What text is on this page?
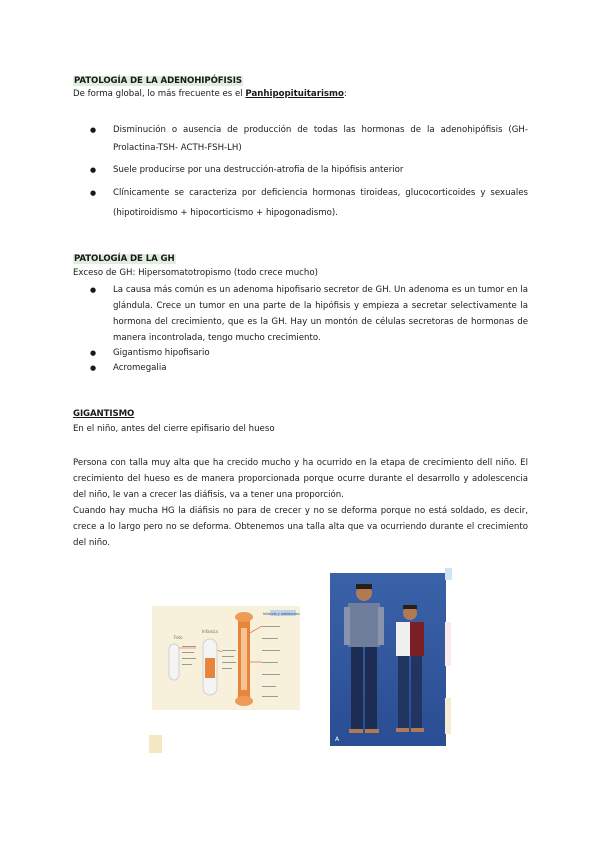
PATOLOGÍA DE LA ADENOHIPÓFISIS
De forma global, lo más frecuente es el Panhipopituitarismo:
● Disminución o ausencia de producción de todas las hormonas de la adenohipófisis (GH-Prolactina-TSH- ACTH-FSH-LH)
● Suele producirse por una destrucción-atrofia de la hipófisis anterior
● Clínicamente se caracteriza por deficiencia hormonas tiroideas, glucocorticoides y sexuales (hipotiroidismo + hipocorticismo + hipogonadismo).
PATOLOGÍA DE LA GH
Exceso de GH: Hipersomatotropismo (todo crece mucho)
● La causa más común es un adenoma hipofisario secretor de GH. Un adenoma es un tumor en la glándula. Crece un tumor en una parte de la hipófisis y empieza a secretar selectivamente la hormona del crecimiento, que es la GH. Hay un montón de células secretoras de hormonas de manera incontrolada, tengo mucho crecimiento.
● Gigantismo hipofisario
● Acromegalia
GIGANTISMO
En el niño, antes del cierre epifisario del hueso
Persona con talla muy alta que ha crecido mucho y ha ocurrido en la etapa de crecimiento dell niño. El crecimiento del hueso es de manera proporcionada porque ocurre durante el desarrollo y adolescencia del niño, le van a crecer las diáfisis, va a tener una proporción.
Cuando hay mucha HG la diáfisis no para de crecer y no se deforma porque no está soldado, es decir, crece a lo largo pero no se deforma. Obtenemos una talla alta que va ocurriendo durante el crecimiento del niño.
Infancia y adolescencia
Feto
Infancia
A
